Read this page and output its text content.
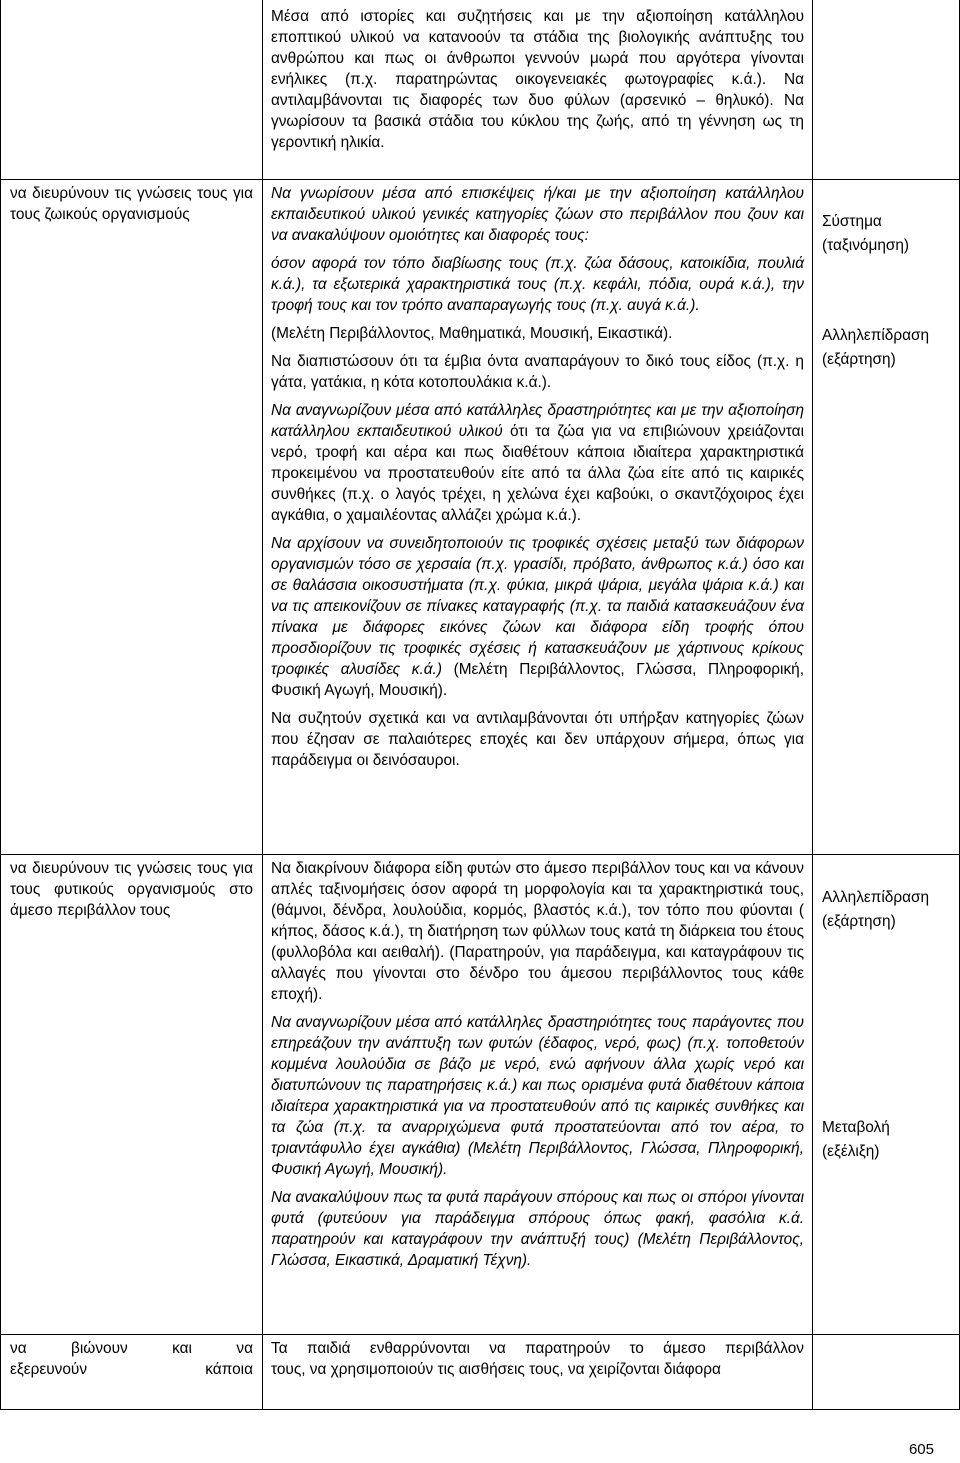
Μέσα από ιστορίες και συζητήσεις και με την αξιοποίηση κατάλληλου εποπτικού υλικού να κατανοούν τα στάδια της βιολογικής ανάπτυξης του ανθρώπου και πως οι άνθρωποι γεννούν μωρά που αργότερα γίνονται ενήλικες (π.χ. παρατηρώντας οικογενειακές φωτογραφίες κ.ά.). Να αντιλαμβάνονται τις διαφορές των δυο φύλων (αρσενικό – θηλυκό). Να γνωρίσουν τα βασικά στάδια του κύκλου της ζωής, από τη γέννηση ως τη γεροντική ηλικία.

να διευρύνουν τις γνώσεις τους για τους ζωικούς οργανισμούς

Να γνωρίσουν μέσα από επισκέψεις ή/και με την αξιοποίηση κατάλληλου εκπαιδευτικού υλικού γενικές κατηγορίες ζώων στο περιβάλλον που ζουν και να ανακαλύψουν ομοιότητες και διαφορές τους:

όσον αφορά τον τόπο διαβίωσης τους (π.χ. ζώα δάσους, κατοικίδια, πουλιά κ.ά.), τα εξωτερικά χαρακτηριστικά τους (π.χ. κεφάλι, πόδια, ουρά κ.ά.), την τροφή τους και τον τρόπο αναπαραγωγής τους (π.χ. αυγά κ.ά.).

(Μελέτη Περιβάλλοντος, Μαθηματικά, Μουσική, Εικαστικά).

Να διαπιστώσουν ότι τα έμβια όντα αναπαράγουν το δικό τους είδος (π.χ. η γάτα, γατάκια, η κότα κοτοπουλάκια κ.ά.).

Να αναγνωρίζουν μέσα από κατάλληλες δραστηριότητες και με την αξιοποίηση κατάλληλου εκπαιδευτικού υλικού ότι τα ζώα για να επιβιώνουν χρειάζονται νερό, τροφή και αέρα και πως διαθέτουν κάποια ιδιαίτερα χαρακτηριστικά προκειμένου να προστατευθούν είτε από τα άλλα ζώα είτε από τις καιρικές συνθήκες (π.χ. ο λαγός τρέχει, η χελώνα έχει καβούκι, ο σκαντζόχοιρος έχει αγκάθια, ο χαμαιλέοντας αλλάζει χρώμα κ.ά.).

Να αρχίσουν να συνειδητοποιούν τις τροφικές σχέσεις μεταξύ των διάφορων οργανισμών τόσο σε χερσαία (π.χ. γρασίδι, πρόβατο, άνθρωπος κ.ά.) όσο και σε θαλάσσια οικοσυστήματα (π.χ. φύκια, μικρά ψάρια, μεγάλα ψάρια κ.ά.) και να τις απεικονίζουν σε πίνακες καταγραφής (π.χ. τα παιδιά κατασκευάζουν ένα πίνακα με διάφορες εικόνες ζώων και διάφορα είδη τροφής όπου προσδιορίζουν τις τροφικές σχέσεις ή κατασκευάζουν με χάρτινους κρίκους τροφικές αλυσίδες κ.ά.) (Μελέτη Περιβάλλοντος, Γλώσσα, Πληροφορική, Φυσική Αγωγή, Μουσική).

Να συζητούν σχετικά και να αντιλαμβάνονται ότι υπήρξαν κατηγορίες ζώων που έζησαν σε παλαιότερες εποχές και δεν υπάρχουν σήμερα, όπως για παράδειγμα οι δεινόσαυροι.

Σύστημα
(ταξινόμηση)
Αλληλεπίδραση
(εξάρτηση)

να διευρύνουν τις γνώσεις τους για τους φυτικούς οργανισμούς στο άμεσο περιβάλλον τους

Να διακρίνουν διάφορα είδη φυτών στο άμεσο περιβάλλον τους και να κάνουν απλές ταξινομήσεις όσον αφορά τη μορφολογία και τα χαρακτηριστικά τους, (θάμνοι, δένδρα, λουλούδια, κορμός, βλαστός κ.ά.), τον τόπο που φύονται ( κήπος, δάσος κ.ά.), τη διατήρηση των φύλλων τους κατά τη διάρκεια του έτους (φυλλοβόλα και αειθαλή). (Παρατηρούν, για παράδειγμα, και καταγράφουν τις αλλαγές που γίνονται στο δένδρο του άμεσου περιβάλλοντος τους κάθε εποχή).

Να αναγνωρίζουν μέσα από κατάλληλες δραστηριότητες τους παράγοντες που επηρεάζουν την ανάπτυξη των φυτών (έδαφος, νερό, φως) (π.χ. τοποθετούν κομμένα λουλούδια σε βάζο με νερό, ενώ αφήνουν άλλα χωρίς νερό και διατυπώνουν τις παρατηρήσεις κ.ά.) και πως ορισμένα φυτά διαθέτουν κάποια ιδιαίτερα χαρακτηριστικά για να προστατευθούν από τις καιρικές συνθήκες και τα ζώα (π.χ. τα αναρριχώμενα φυτά προστατεύονται από τον αέρα, το τριαντάφυλλο έχει αγκάθια) (Μελέτη Περιβάλλοντος, Γλώσσα, Πληροφορική, Φυσική Αγωγή, Μουσική).

Να ανακαλύψουν πως τα φυτά παράγουν σπόρους και πως οι σπόροι γίνονται φυτά (φυτεύουν για παράδειγμα σπόρους όπως φακή, φασόλια κ.ά. παρατηρούν και καταγράφουν την ανάπτυξή τους) (Μελέτη Περιβάλλοντος, Γλώσσα, Εικαστικά, Δραματική Τέχνη).

Αλληλεπίδραση
(εξάρτηση)
Μεταβολή
(εξέλιξη)
να βιώνουν και να
εξερευνούν κάποια
Τα παιδιά ενθαρρύνονται να παρατηρούν το άμεσο περιβάλλον
τους, να χρησιμοποιούν τις αισθήσεις τους, να χειρίζονται διάφορα
605
